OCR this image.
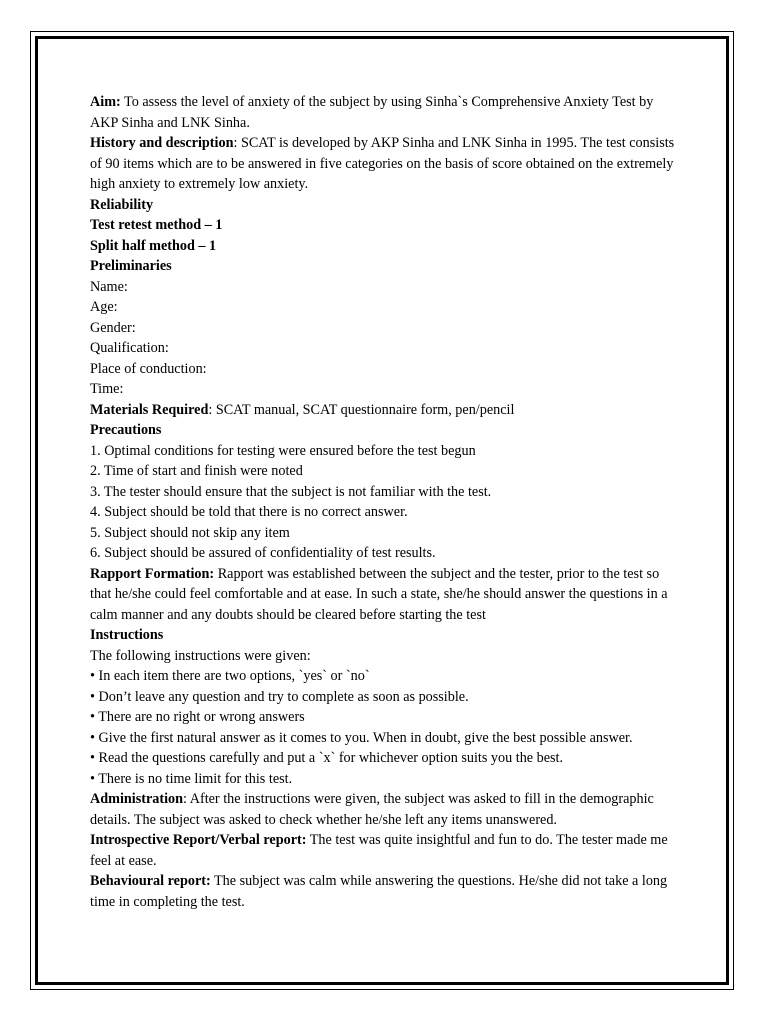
Aim: To assess the level of anxiety of the subject by using Sinha`s Comprehensive Anxiety Test by AKP Sinha and LNK Sinha.

History and description: SCAT is developed by AKP Sinha and LNK Sinha in 1995. The test consists of 90 items which are to be answered in five categories on the basis of score obtained on the extremely high anxiety to extremely low anxiety.

Reliability

Test retest method – 1

Split half method – 1

Preliminaries

Name:

Age:

Gender:

Qualification:

Place of conduction:

Time:

Materials Required: SCAT manual, SCAT questionnaire form, pen/pencil

Precautions

1. Optimal conditions for testing were ensured before the test begun

2. Time of start and finish were noted

3. The tester should ensure that the subject is not familiar with the test.

4. Subject should be told that there is no correct answer.

5. Subject should not skip any item

6. Subject should be assured of confidentiality of test results.

Rapport Formation: Rapport was established between the subject and the tester, prior to the test so that he/she could feel comfortable and at ease. In such a state, she/he should answer the questions in a calm manner and any doubts should be cleared before starting the test

Instructions

The following instructions were given:

• In each item there are two options, `yes` or `no`

• Don’t leave any question and try to complete as soon as possible.

• There are no right or wrong answers

• Give the first natural answer as it comes to you. When in doubt, give the best possible answer.

• Read the questions carefully and put a `x` for whichever option suits you the best.

• There is no time limit for this test.

Administration: After the instructions were given, the subject was asked to fill in the demographic details. The subject was asked to check whether he/she left any items unanswered.

Introspective Report/Verbal report: The test was quite insightful and fun to do. The tester made me feel at ease.

Behavioural report: The subject was calm while answering the questions. He/she did not take a long time in completing the test.
